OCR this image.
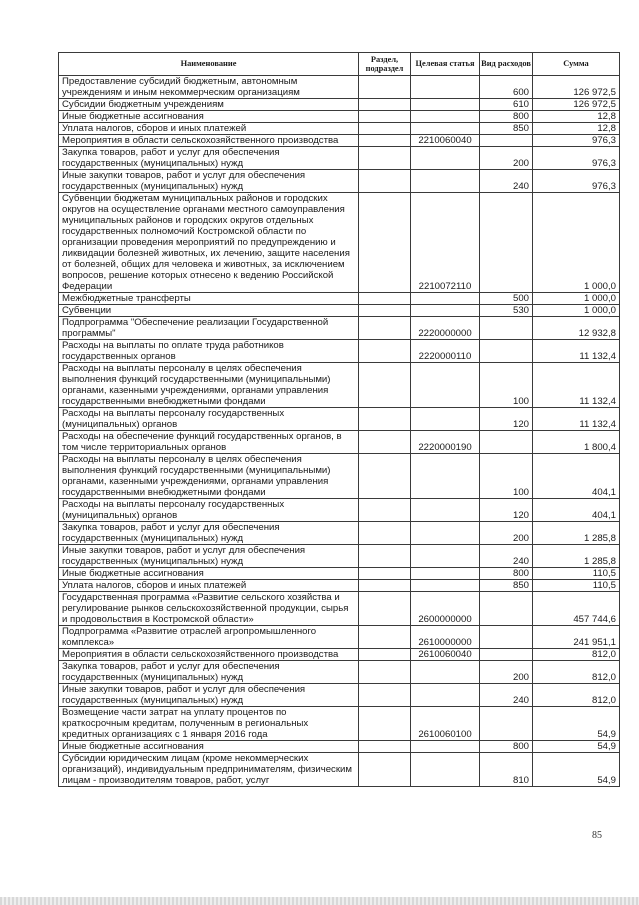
Наименование	Раздел, подраздел	Целевая статья	Вид расходов	Сумма
Предоставление субсидий бюджетным, автономным учреждениям и иным некоммерческим организациям			600	126 972,5
Субсидии бюджетным учреждениям			610	126 972,5
Иные бюджетные ассигнования			800	12,8
Уплата налогов, сборов и иных платежей			850	12,8
Мероприятия в области сельскохозяйственного производства		2210060040		976,3
Закупка товаров, работ и услуг для обеспечения государственных (муниципальных) нужд			200	976,3
Иные закупки товаров, работ и услуг для обеспечения государственных (муниципальных) нужд			240	976,3
Субвенции бюджетам муниципальных районов и городских округов на осуществление органами местного самоуправления муниципальных районов и городских округов отдельных государственных полномочий Костромской области по организации проведения мероприятий по предупреждению и ликвидации болезней животных, их лечению, защите населения от болезней, общих для человека и животных, за исключением вопросов, решение которых отнесено к ведению Российской Федерации		2210072110		1 000,0
Межбюджетные трансферты			500	1 000,0
Субвенции			530	1 000,0
Подпрограмма "Обеспечение реализации Государственной программы"		2220000000		12 932,8
Расходы на выплаты по оплате труда работников государственных органов		2220000110		11 132,4
Расходы на выплаты персоналу в целях обеспечения выполнения функций государственными (муниципальными) органами, казенными учреждениями, органами управления государственными внебюджетными фондами			100	11 132,4
Расходы на выплаты персоналу государственных (муниципальных) органов			120	11 132,4
Расходы на обеспечение функций государственных органов, в том числе территориальных органов		2220000190		1 800,4
Расходы на выплаты персоналу в целях обеспечения выполнения функций государственными (муниципальными) органами, казенными учреждениями, органами управления государственными внебюджетными фондами			100	404,1
Расходы на выплаты персоналу государственных (муниципальных) органов			120	404,1
Закупка товаров, работ и услуг для обеспечения государственных (муниципальных) нужд			200	1 285,8
Иные закупки товаров, работ и услуг для обеспечения государственных (муниципальных) нужд			240	1 285,8
Иные бюджетные ассигнования			800	110,5
Уплата налогов, сборов и иных платежей			850	110,5
Государственная программа «Развитие сельского хозяйства и регулирование рынков сельскохозяйственной продукции, сырья и продовольствия в Костромской области»		2600000000		457 744,6
Подпрограмма «Развитие отраслей агропромышленного комплекса»		2610000000		241 951,1
Мероприятия в области сельскохозяйственного производства		2610060040		812,0
Закупка товаров, работ и услуг для обеспечения государственных (муниципальных) нужд			200	812,0
Иные закупки товаров, работ и услуг для обеспечения государственных (муниципальных) нужд			240	812,0
Возмещение части затрат на уплату процентов по краткосрочным кредитам, полученным в региональных кредитных организациях с 1 января 2016 года		2610060100		54,9
Иные бюджетные ассигнования			800	54,9
Субсидии юридическим лицам (кроме некоммерческих организаций), индивидуальным предпринимателям, физическим лицам - производителям товаров, работ, услуг			810	54,9
85
